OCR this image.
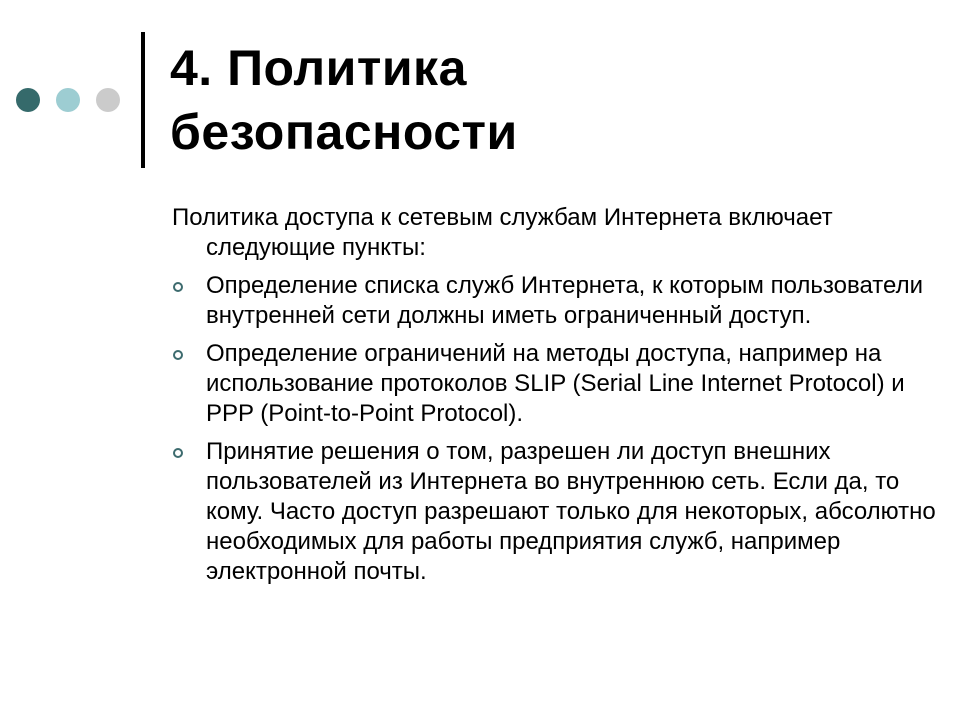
4. Политика
безопасности

Политика доступа к сетевым службам Интернета включает следующие пункты:

Определение списка служб Интернета, к которым пользователи внутренней сети должны иметь ограниченный доступ.
Определение ограничений на методы доступа, например на использование протоколов SLIP (Serial Line Internet Protocol) и PPP (Point-to-Point Protocol).
Принятие решения о том, разрешен ли доступ внешних пользователей из Интернета во внутреннюю сеть. Если да, то кому. Часто доступ разрешают только для некоторых, абсолютно необходимых для работы предприятия служб, например электронной почты.
